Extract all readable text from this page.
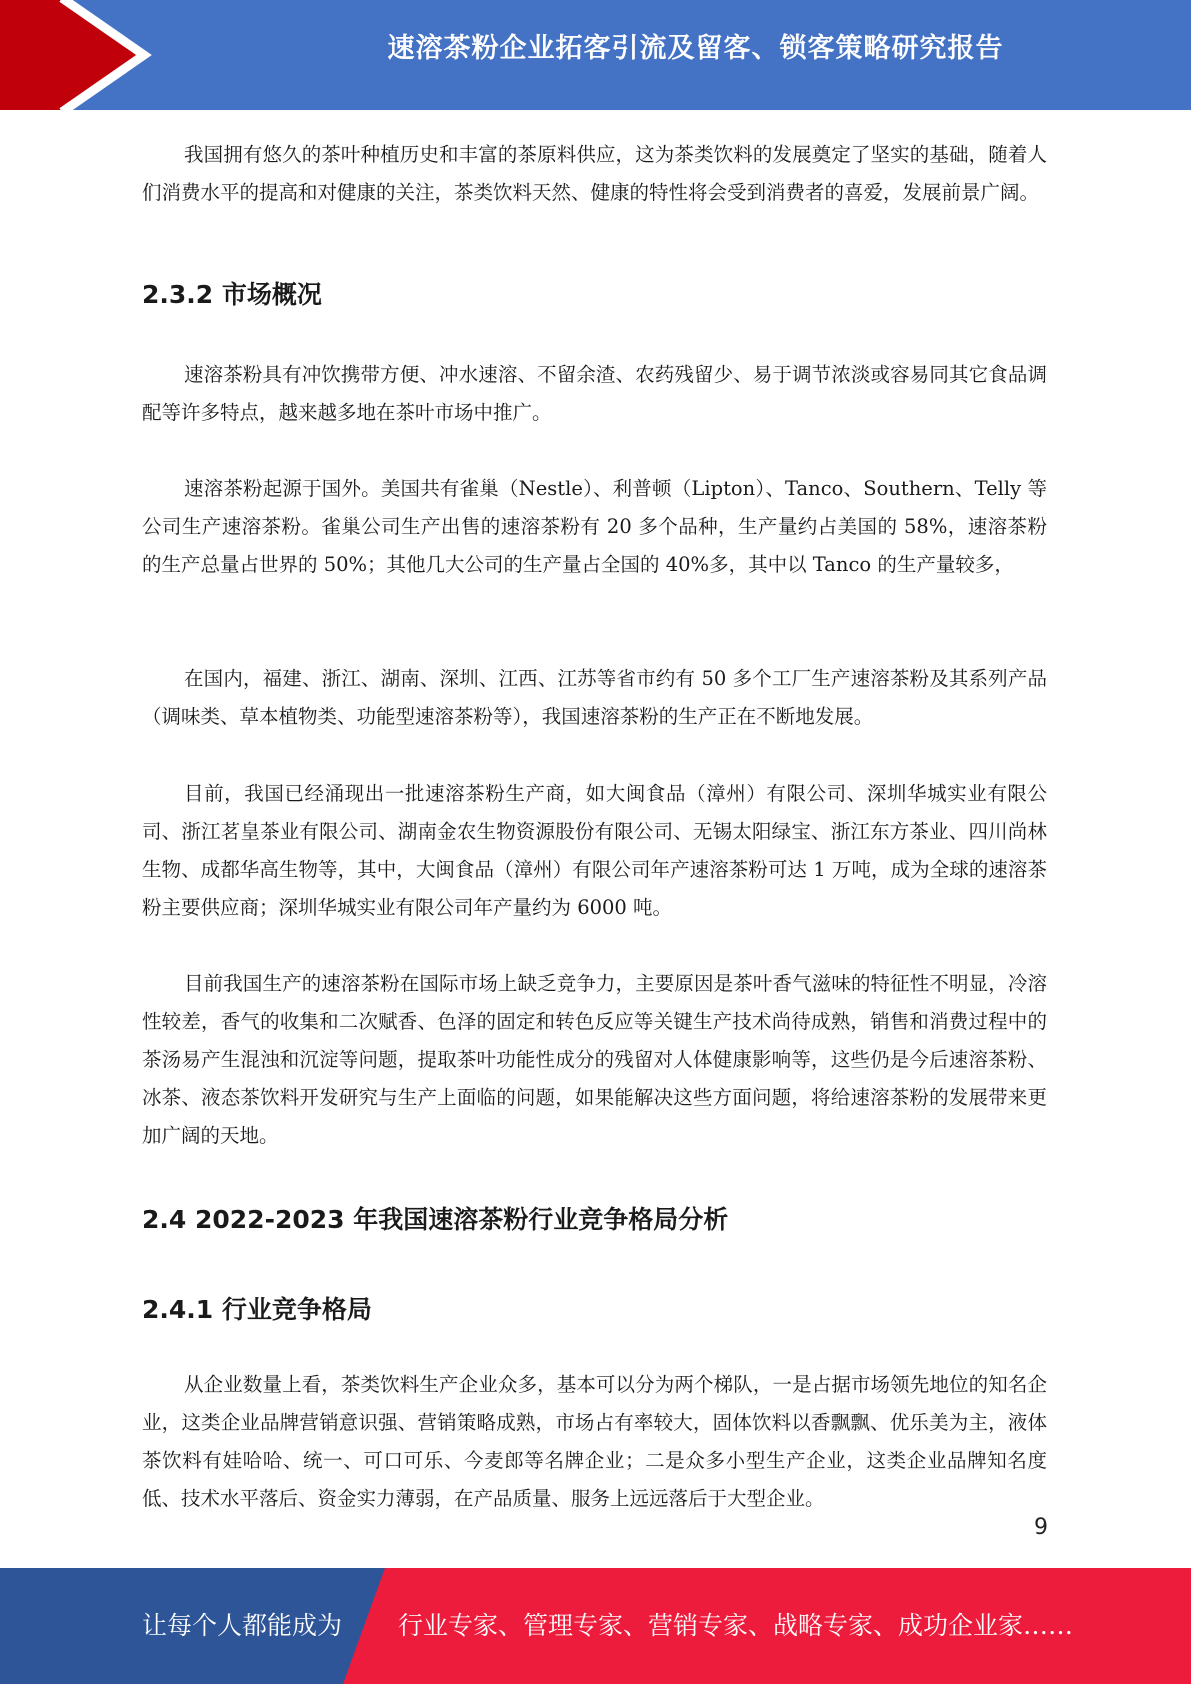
速溶茶粉企业拓客引流及留客、锁客策略研究报告

我国拥有悠久的茶叶种植历史和丰富的茶原料供应，这为茶类饮料的发展奠定了坚实的基础，随着人们消费水平的提高和对健康的关注，茶类饮料天然、健康的特性将会受到消费者的喜爱，发展前景广阔。

2.3.2 市场概况

速溶茶粉具有冲饮携带方便、冲水速溶、不留余渣、农药残留少、易于调节浓淡或容易同其它食品调配等许多特点，越来越多地在茶叶市场中推广。

速溶茶粉起源于国外。美国共有雀巢（Nestle）、利普顿（Lipton）、Tanco、Southern、Telly 等公司生产速溶茶粉。雀巢公司生产出售的速溶茶粉有 20 多个品种，生产量约占美国的 58%，速溶茶粉的生产总量占世界的 50%；其他几大公司的生产量占全国的 40%多，其中以 Tanco 的生产量较多，

在国内，福建、浙江、湖南、深圳、江西、江苏等省市约有 50 多个工厂生产速溶茶粉及其系列产品（调味类、草本植物类、功能型速溶茶粉等），我国速溶茶粉的生产正在不断地发展。

目前，我国已经涌现出一批速溶茶粉生产商，如大闽食品（漳州）有限公司、深圳华城实业有限公司、浙江茗皇茶业有限公司、湖南金农生物资源股份有限公司、无锡太阳绿宝、浙江东方茶业、四川尚林生物、成都华高生物等，其中，大闽食品（漳州）有限公司年产速溶茶粉可达 1 万吨，成为全球的速溶茶粉主要供应商；深圳华城实业有限公司年产量约为 6000 吨。

目前我国生产的速溶茶粉在国际市场上缺乏竞争力，主要原因是茶叶香气滋味的特征性不明显，冷溶性较差，香气的收集和二次赋香、色泽的固定和转色反应等关键生产技术尚待成熟，销售和消费过程中的茶汤易产生混浊和沉淀等问题，提取茶叶功能性成分的残留对人体健康影响等，这些仍是今后速溶茶粉、冰茶、液态茶饮料开发研究与生产上面临的问题，如果能解决这些方面问题，将给速溶茶粉的发展带来更加广阔的天地。

2.4 2022-2023 年我国速溶茶粉行业竞争格局分析
2.4.1 行业竞争格局

从企业数量上看，茶类饮料生产企业众多，基本可以分为两个梯队，一是占据市场领先地位的知名企业，这类企业品牌营销意识强、营销策略成熟，市场占有率较大，固体饮料以香飘飘、优乐美为主，液体茶饮料有娃哈哈、统一、可口可乐、今麦郎等名牌企业；二是众多小型生产企业，这类企业品牌知名度低、技术水平落后、资金实力薄弱，在产品质量、服务上远远落后于大型企业。

9
让每个人都能成为 行业专家、管理专家、营销专家、战略专家、成功企业家……
